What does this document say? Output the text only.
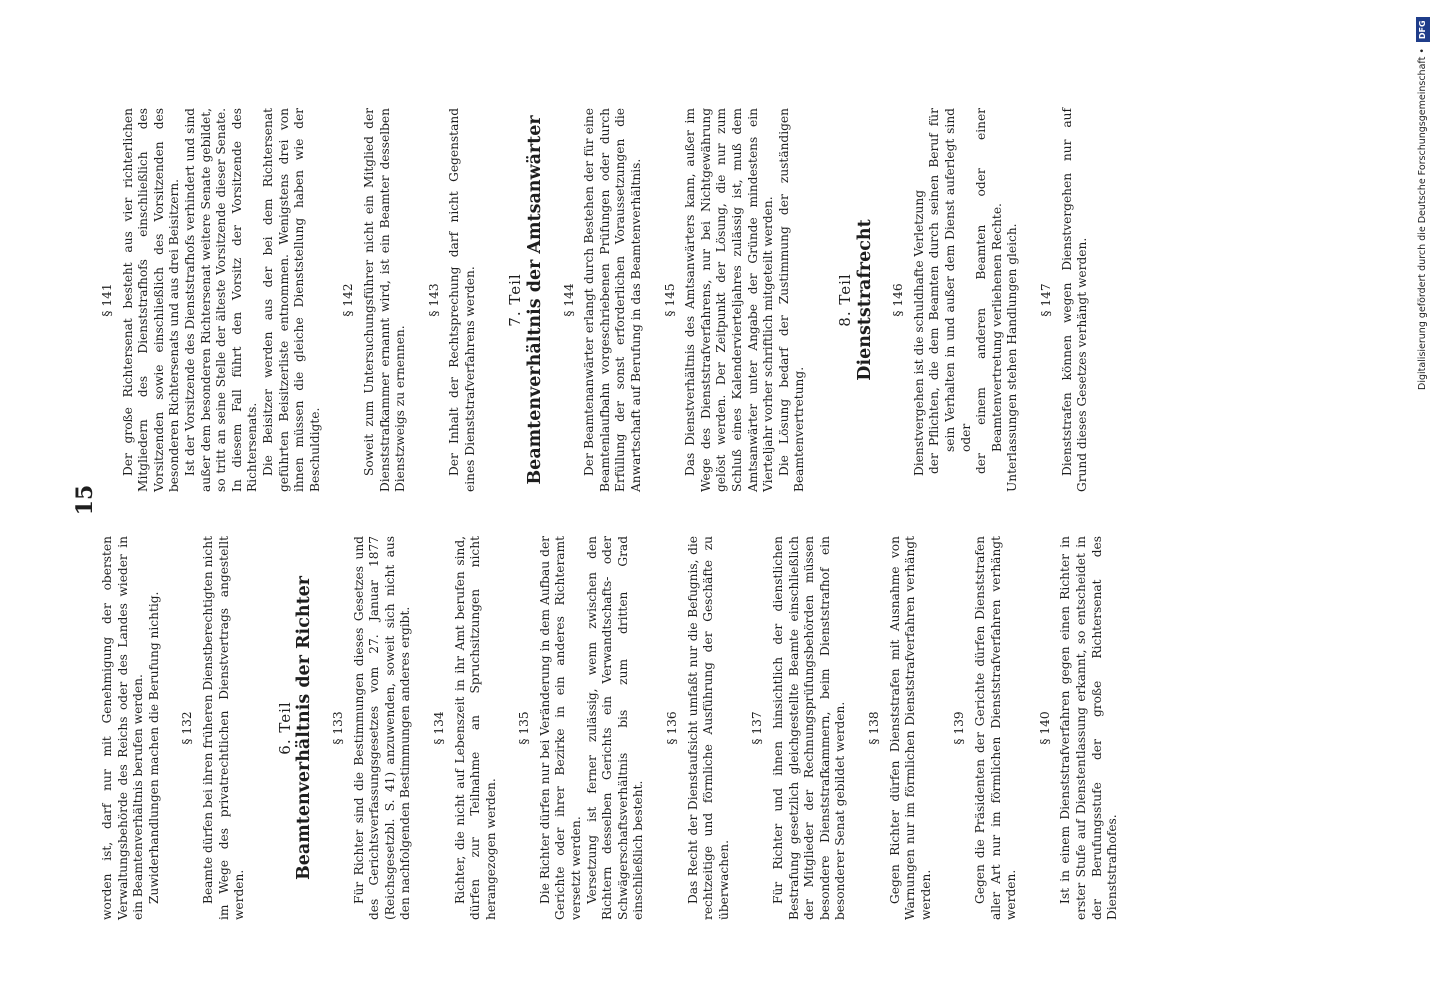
15

worden ist, darf nur mit Genehmigung der obersten Verwaltungsbehörde des Reichs oder des Landes wieder in ein Beamtenverhältnis berufen werden. Zuwiderhandlungen machen die Berufung nichtig. § 132 Beamte dürfen bei ihren früheren Dienstberechtigten nicht im Wege des privatrechtlichen Dienstvertrags angestellt werden.

6. Teil Beamtenverhältnis der Richter § 133 Für Richter sind die Bestimmungen dieses Gesetzes und des Gerichtsverfassungsgesetzes vom 27. Januar 1877 (Reichsgesetzbl. S. 41) anzuwenden, soweit sich nicht aus den nachfolgenden Bestimmungen anderes ergibt. § 134 Richter, die nicht auf Lebenszeit in ihr Amt berufen sind, dürfen zur Teilnahme an Spruchsitzungen nicht herangezogen werden.

§ 135 Die Richter dürfen nur bei Veränderung in dem Aufbau der Gerichte oder ihrer Bezirke in ein anderes Richteramt versetzt werden. Versetzung ist ferner zulässig, wenn zwischen den Richtern desselben Gerichts ein Verwandtschafts- oder Schwägerschaftsverhältnis bis zum dritten Grad einschließlich besteht.

§ 136 Das Recht der Dienstaufsicht umfaßt nur die Befugnis, die rechtzeitige und förmliche Ausführung der Geschäfte zu überwachen.

§ 137 Für Richter und ihnen hinsichtlich der dienstlichen Bestrafung gesetzlich gleichgestellte Beamte einschließlich der Mitglieder der Rechnungsprüfungsbehörden müssen besondere Dienststrafkammern, beim Dienststrafhof ein besonderer Senat gebildet werden. § 138 Gegen Richter dürfen Dienststrafen mit Ausnahme von Warnungen nur im förmlichen Dienststrafverfahren verhängt werden.

§ 139 Gegen die Präsidenten der Gerichte dürfen Dienststrafen aller Art nur im förmlichen Dienststrafverfahren verhängt werden.

§ 140 Ist in einem Dienststrafverfahren gegen einen Richter in erster Stufe auf Dienstentlassung erkannt, so entscheidet in der Berufungsstufe der große Richtersenat des Dienststrafhofes.

§ 141 Der große Richtersenat besteht aus vier richterlichen Mitgliedern des Dienststrafhofs einschließlich des Vorsitzenden sowie einschließlich des Vorsitzenden des besonderen Richtersenats und aus drei Beisitzern. Ist der Vorsitzende des Dienststrafhofs verhindert und sind außer dem besonderen Richtersenat weitere Senate gebildet, so tritt an seine Stelle der älteste Vorsitzende dieser Senate. In diesem Fall führt den Vorsitz der Vorsitzende des Richtersenats. Die Beisitzer werden aus der bei dem Richtersenat geführten Beisitzerliste entnommen. Wenigstens drei von ihnen müssen die gleiche Dienststellung haben wie der Beschuldigte.

§ 142 Soweit zum Untersuchungsführer nicht ein Mitglied der Dienststrafkammer ernannt wird, ist ein Beamter desselben Dienstzweigs zu ernennen.

§ 143 Der Inhalt der Rechtsprechung darf nicht Gegenstand eines Dienststrafverfahrens werden. 7. Teil Beamtenverhältnis der Amtsanwärter § 144 Der Beamtenanwärter erlangt durch Bestehen der für eine Beamtenlaufbahn vorgeschriebenen Prüfungen oder durch Erfüllung der sonst erforderlichen Voraussetzungen die Anwartschaft auf Berufung in das Beamtenverhältnis. § 145 Das Dienstverhältnis des Amtsanwärters kann, außer im Wege des Dienststrafverfahrens, nur bei Nichtgewährung gelöst werden. Der Zeitpunkt der Lösung, die nur zum Schluß eines Kalendervierteljahres zulässig ist, muß dem Amtsanwärter unter Angabe der Gründe mindestens ein Vierteljahr vorher schriftlich mitgeteilt werden. Die Lösung bedarf der Zustimmung der zuständigen Beamtenvertretung.

8. Teil Dienststrafrecht § 146 Dienstvergehen ist die schuldhafte Verletzung der Pflichten, die dem Beamten durch seinen Beruf für sein Verhalten in und außer dem Dienst auferlegt sind oder der einem anderen Beamten oder einer Beamtenvertretung verliehenen Rechte. Unterlassungen stehen Handlungen gleich. § 147 Dienststrafen können wegen Dienstvergehen nur auf Grund dieses Gesetzes verhängt werden.	Digitalisierung gefördert durch die Deutsche Forschungsgemeinschaft •
DFG
